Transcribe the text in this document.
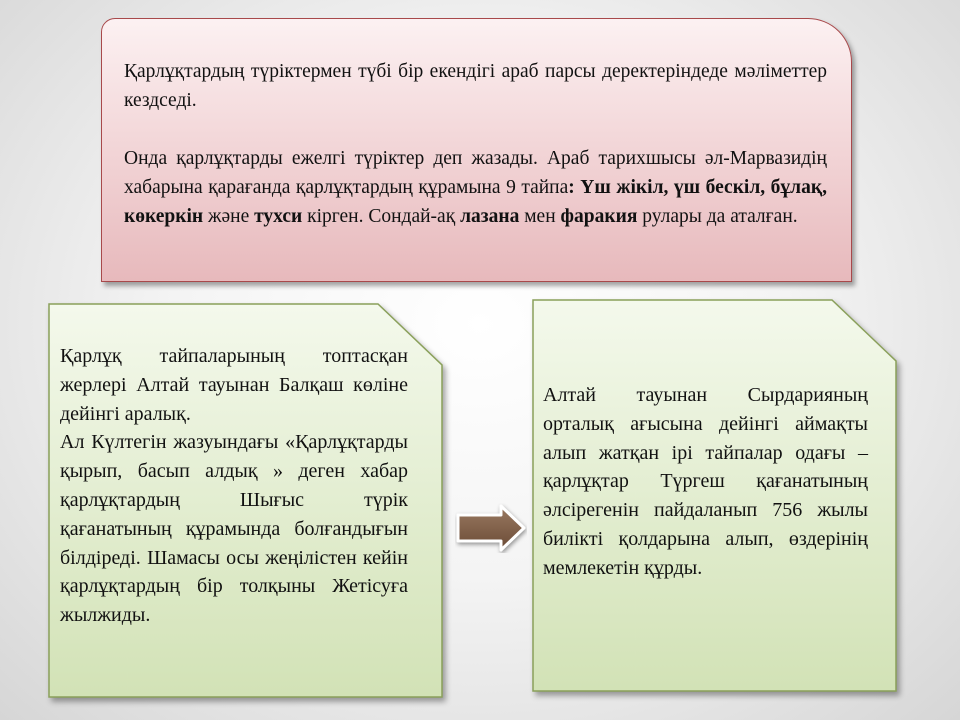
Қарлұқтардың түріктермен түбі бір екендігі араб парсы деректеріндеде мәліметтер кездседі.

Онда қарлұқтарды ежелгі түріктер деп жазады. Араб тарихшысы әл-Марвазидің хабарына қарағанда қарлұқтардың құрамына 9 тайпа: Үш жікіл, үш бескіл, бұлақ, көкеркін және тухси кірген. Сондай-ақ лазана мен фаракия рулары да аталған.

Қарлұқ тайпаларының топтасқан жерлері Алтай тауынан Балқаш көліне дейінгі аралық.

Ал Күлтегін жазуындағы «Қарлұқтарды қырып, басып алдық » деген хабар қарлұқтардың Шығыс түрік қағанатының құрамында болғандығын білдіреді. Шамасы осы жеңілістен кейін қарлұқтардың бір толқыны Жетісуға жылжиды.

Алтай тауынан Сырдарияның орталық ағысына дейінгі аймақты алып жатқан ірі тайпалар одағы – қарлұқтар Түргеш қағанатының әлсірегенін пайдаланып 756 жылы билікті қолдарына алып, өздерінің мемлекетін құрды.
